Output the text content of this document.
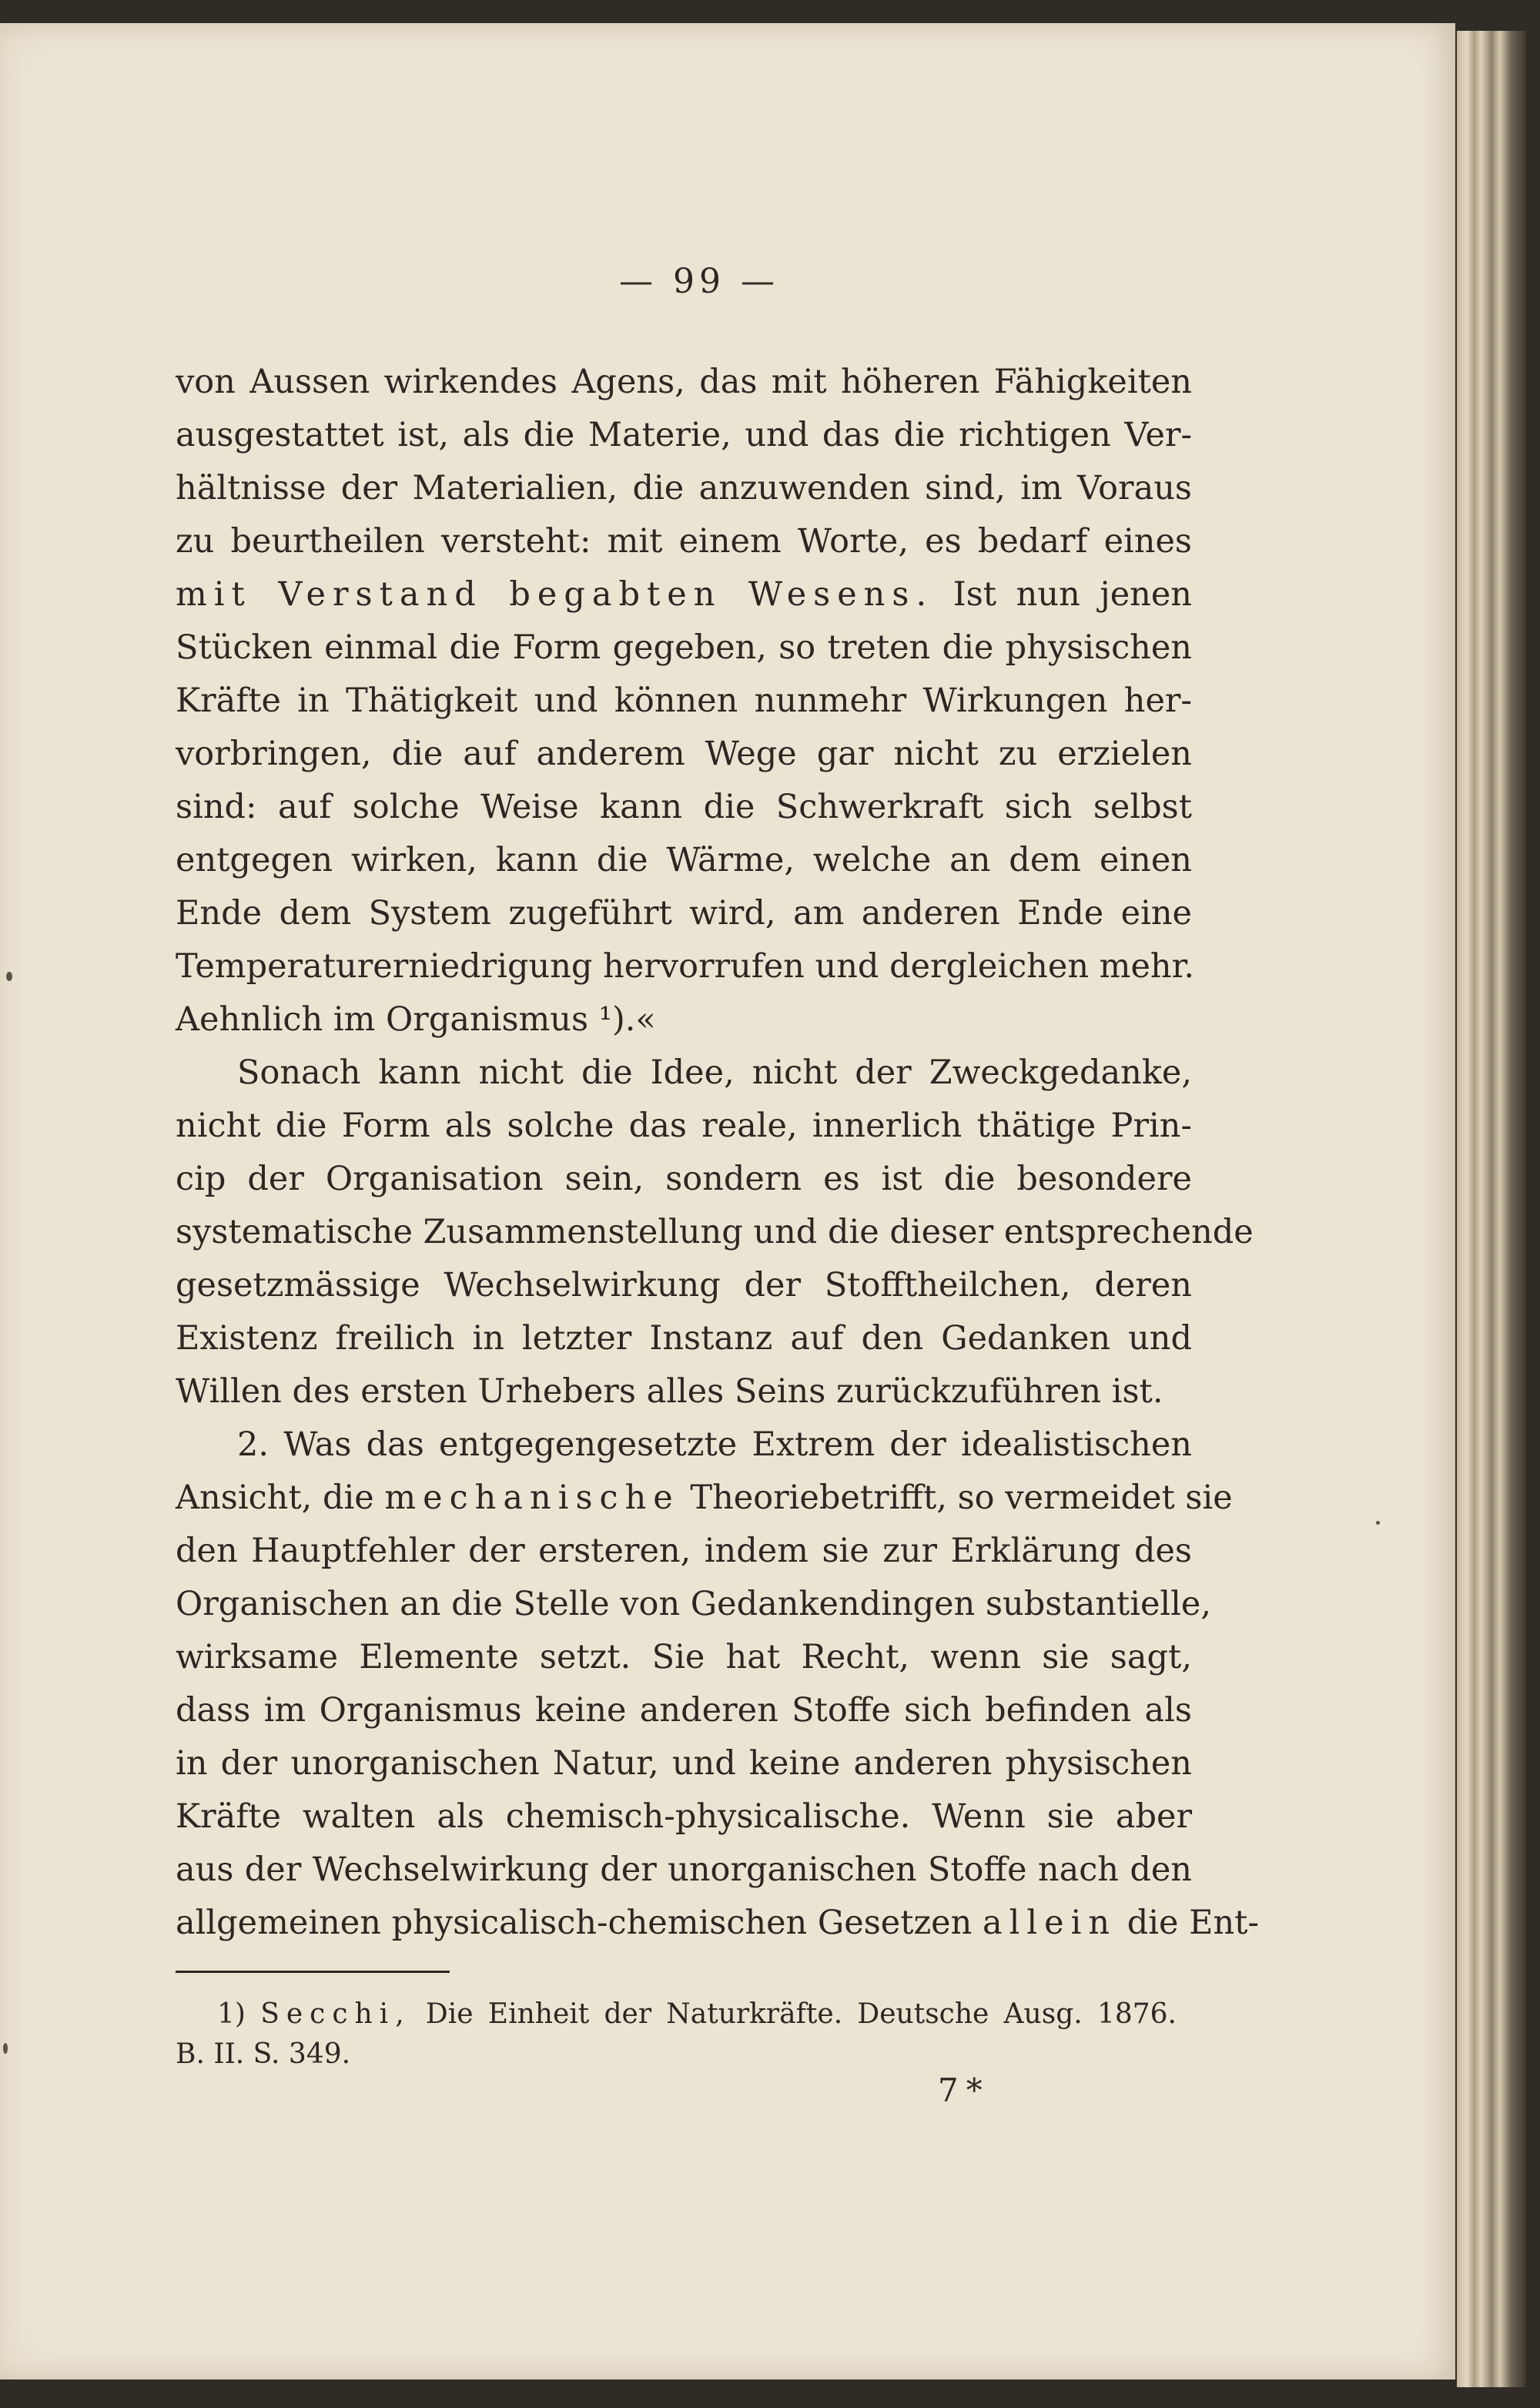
— 99 —
von Aussen wirkendes Agens, das mit höheren Fähigkeiten
ausgestattet ist, als die Materie, und das die richtigen Ver-
hältnisse der Materialien, die anzuwenden sind, im Voraus
zu beurtheilen versteht: mit einem Worte, es bedarf eines
mit Verstand begabten Wesens. Ist nun jenen
Stücken einmal die Form gegeben, so treten die physischen
Kräfte in Thätigkeit und können nunmehr Wirkungen her-
vorbringen, die auf anderem Wege gar nicht zu erzielen
sind: auf solche Weise kann die Schwerkraft sich selbst
entgegen wirken, kann die Wärme, welche an dem einen
Ende dem System zugeführt wird, am anderen Ende eine
Temperaturerniedrigung hervorrufen und dergleichen mehr.
Aehnlich im Organismus ¹).«
Sonach kann nicht die Idee, nicht der Zweckgedanke,
nicht die Form als solche das reale, innerlich thätige Prin-
cip der Organisation sein, sondern es ist die besondere
systematische Zusammenstellung und die dieser entsprechende
gesetzmässige Wechselwirkung der Stofftheilchen, deren
Existenz freilich in letzter Instanz auf den Gedanken und
Willen des ersten Urhebers alles Seins zurückzuführen ist.
2. Was das entgegengesetzte Extrem der idealistischen
Ansicht, die mechanische Theoriebetrifft, so vermeidet sie
den Hauptfehler der ersteren, indem sie zur Erklärung des
Organischen an die Stelle von Gedankendingen substantielle,
wirksame Elemente setzt. Sie hat Recht, wenn sie sagt,
dass im Organismus keine anderen Stoffe sich befinden als
in der unorganischen Natur, und keine anderen physischen
Kräfte walten als chemisch-physicalische. Wenn sie aber
aus der Wechselwirkung der unorganischen Stoffe nach den
allgemeinen physicalisch-chemischen Gesetzen allein die Ent-
1) Secchi, Die Einheit der Naturkräfte. Deutsche Ausg. 1876.
B. II. S. 349.
7*
